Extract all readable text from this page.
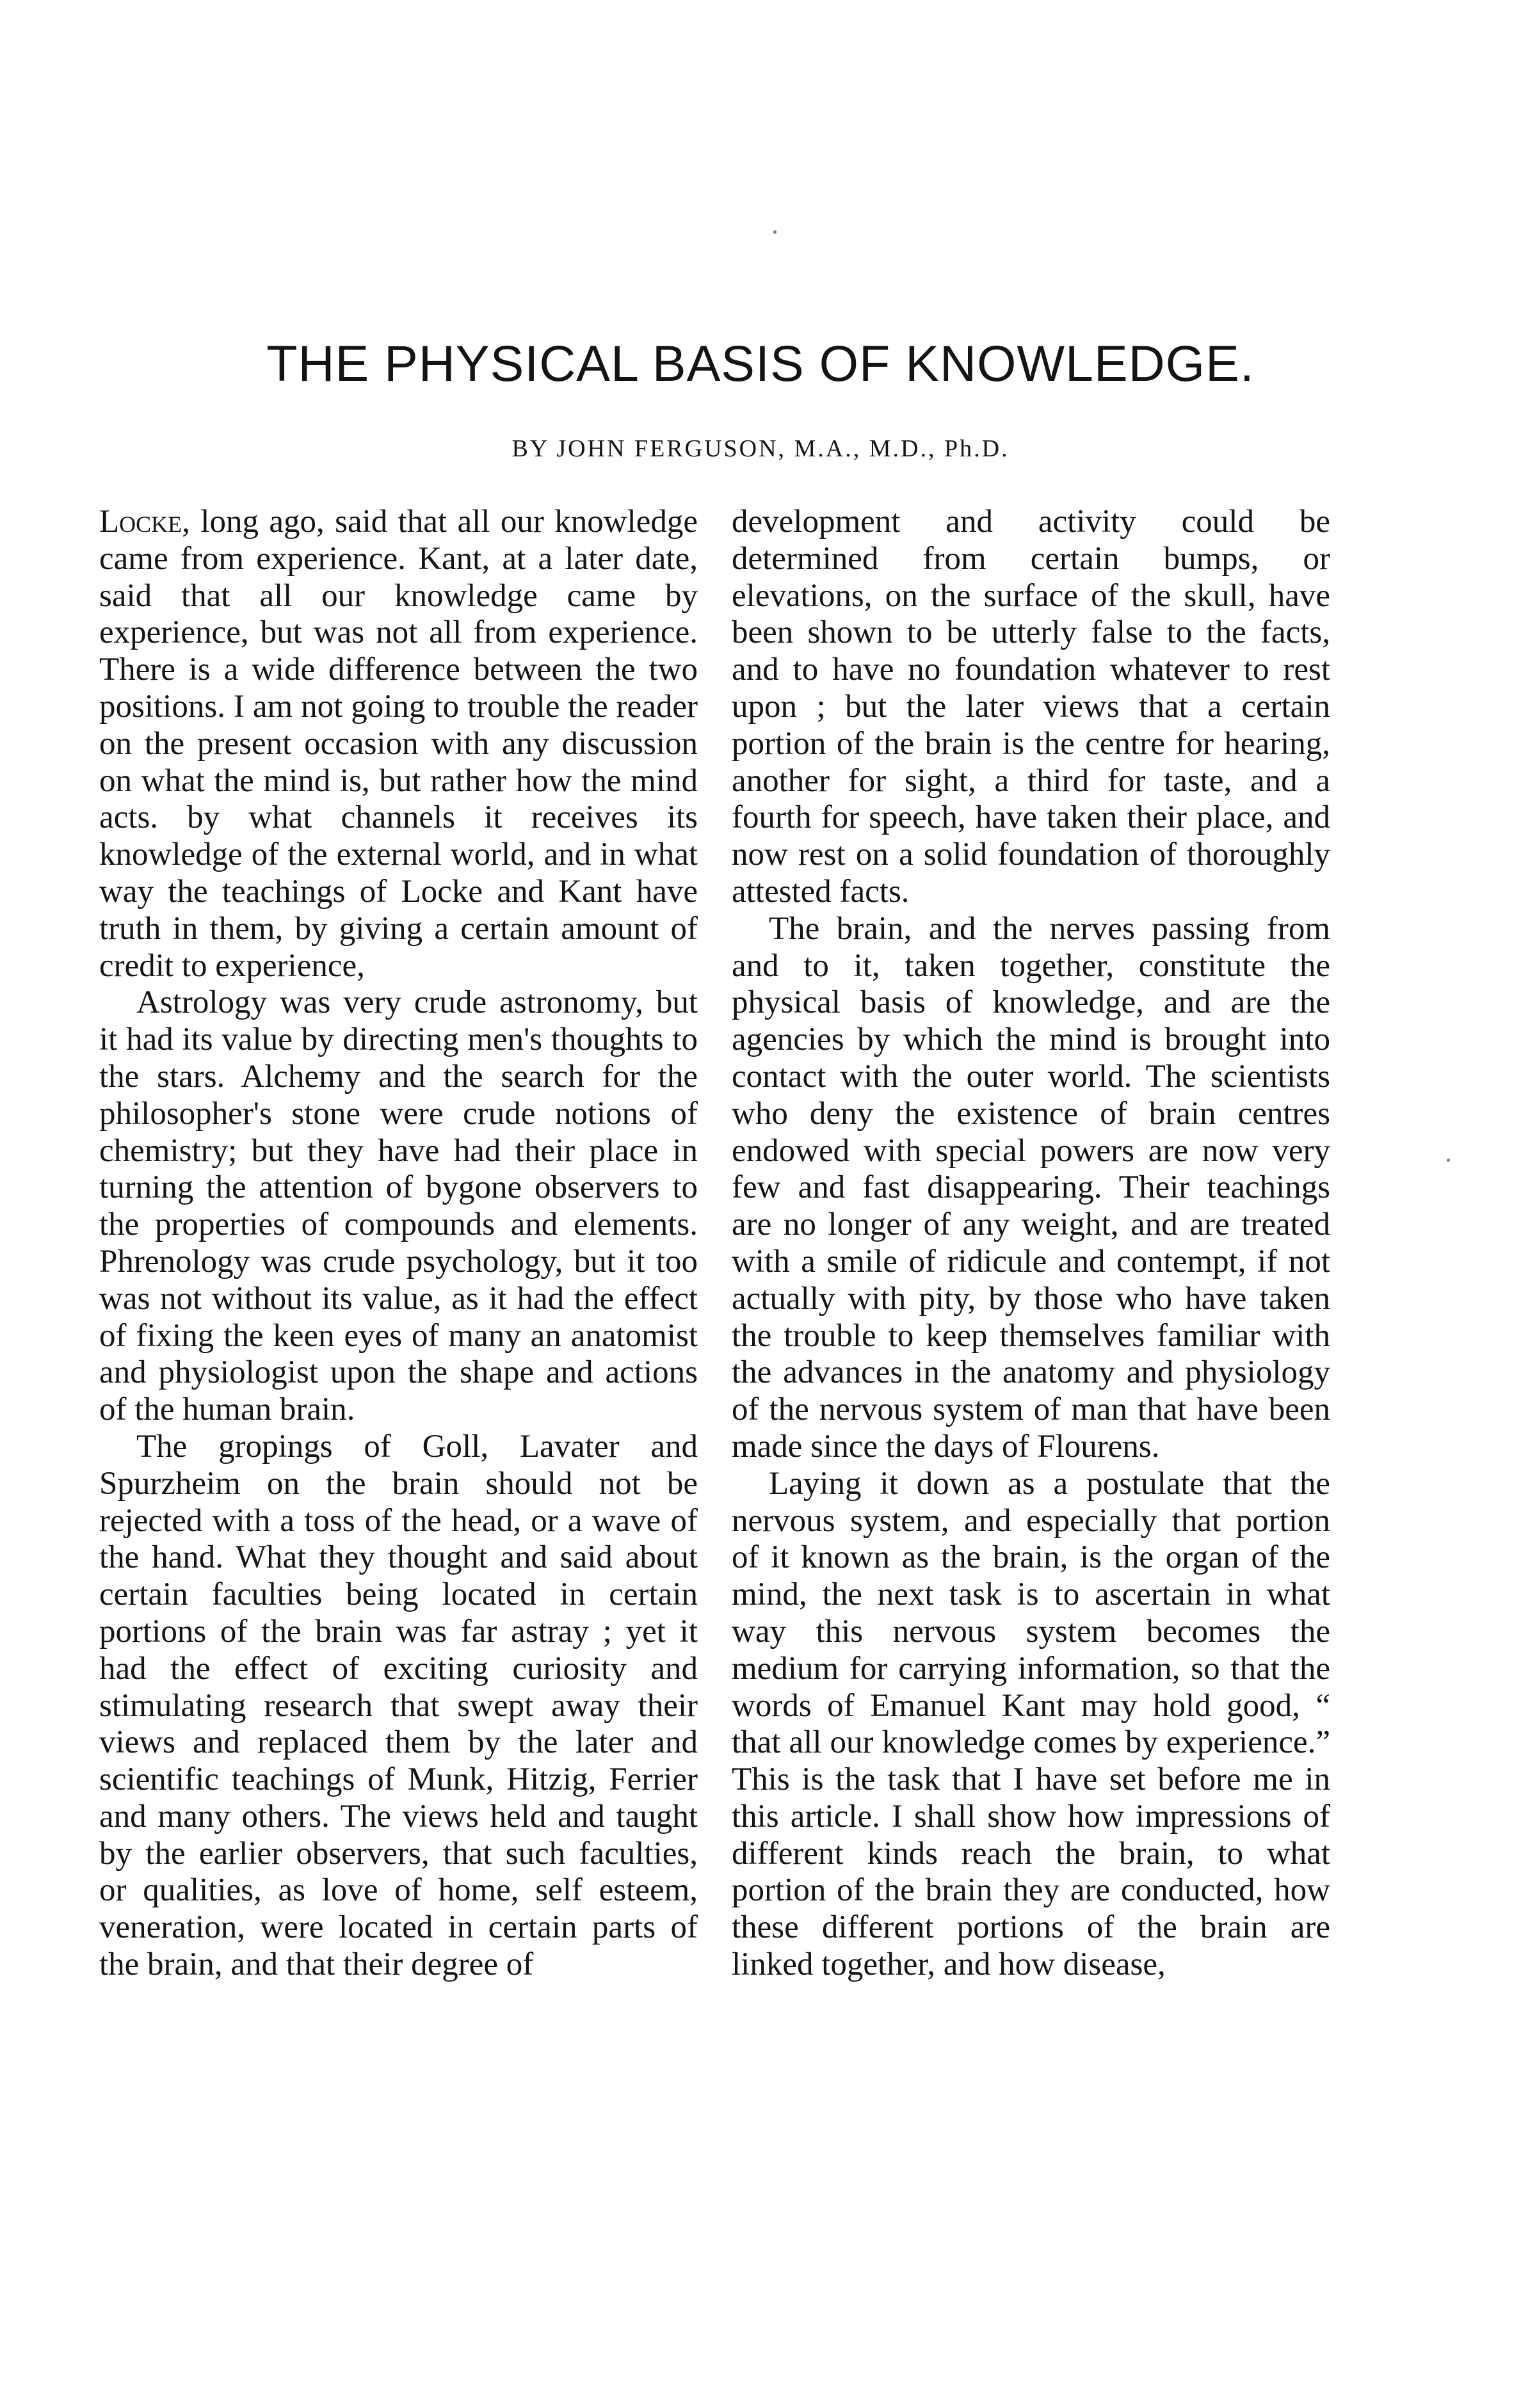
THE PHYSICAL BASIS OF KNOWLEDGE.
BY JOHN FERGUSON, M.A., M.D., Ph.D.

Locke, long ago, said that all our knowledge came from experience. Kant, at a later date, said that all our knowledge came by experience, but was not all from experience. There is a wide difference between the two positions. I am not going to trouble the reader on the present occasion with any discussion on what the mind is, but rather how the mind acts. by what channels it receives its knowledge of the external world, and in what way the teachings of Locke and Kant have truth in them, by giving a certain amount of credit to experience,

Astrology was very crude astronomy, but it had its value by directing men's thoughts to the stars. Alchemy and the search for the philosopher's stone were crude notions of chemistry; but they have had their place in turning the attention of bygone observers to the properties of compounds and elements. Phrenology was crude psychology, but it too was not without its value, as it had the effect of fixing the keen eyes of many an anatomist and physiologist upon the shape and actions of the human brain.

The gropings of Goll, Lavater and Spurzheim on the brain should not be rejected with a toss of the head, or a wave of the hand. What they thought and said about certain faculties being located in certain portions of the brain was far astray ; yet it had the effect of exciting curiosity and stimulating research that swept away their views and replaced them by the later and scientific teachings of Munk, Hitzig, Ferrier and many others. The views held and taught by the earlier observers, that such faculties, or qualities, as love of home, self esteem, veneration, were located in certain parts of the brain, and that their degree of

development and activity could be determined from certain bumps, or elevations, on the surface of the skull, have been shown to be utterly false to the facts, and to have no foundation whatever to rest upon ; but the later views that a certain portion of the brain is the centre for hearing, another for sight, a third for taste, and a fourth for speech, have taken their place, and now rest on a solid foundation of thoroughly attested facts.

The brain, and the nerves passing from and to it, taken together, constitute the physical basis of knowledge, and are the agencies by which the mind is brought into contact with the outer world. The scientists who deny the existence of brain centres endowed with special powers are now very few and fast disappearing. Their teachings are no longer of any weight, and are treated with a smile of ridicule and contempt, if not actually with pity, by those who have taken the trouble to keep themselves familiar with the advances in the anatomy and physiology of the nervous system of man that have been made since the days of Flourens.

Laying it down as a postulate that the nervous system, and especially that portion of it known as the brain, is the organ of the mind, the next task is to ascertain in what way this nervous system becomes the medium for carrying information, so that the words of Emanuel Kant may hold good, “ that all our knowledge comes by experience.” This is the task that I have set before me in this article. I shall show how impressions of different kinds reach the brain, to what portion of the brain they are conducted, how these different portions of the brain are linked together, and how disease,
